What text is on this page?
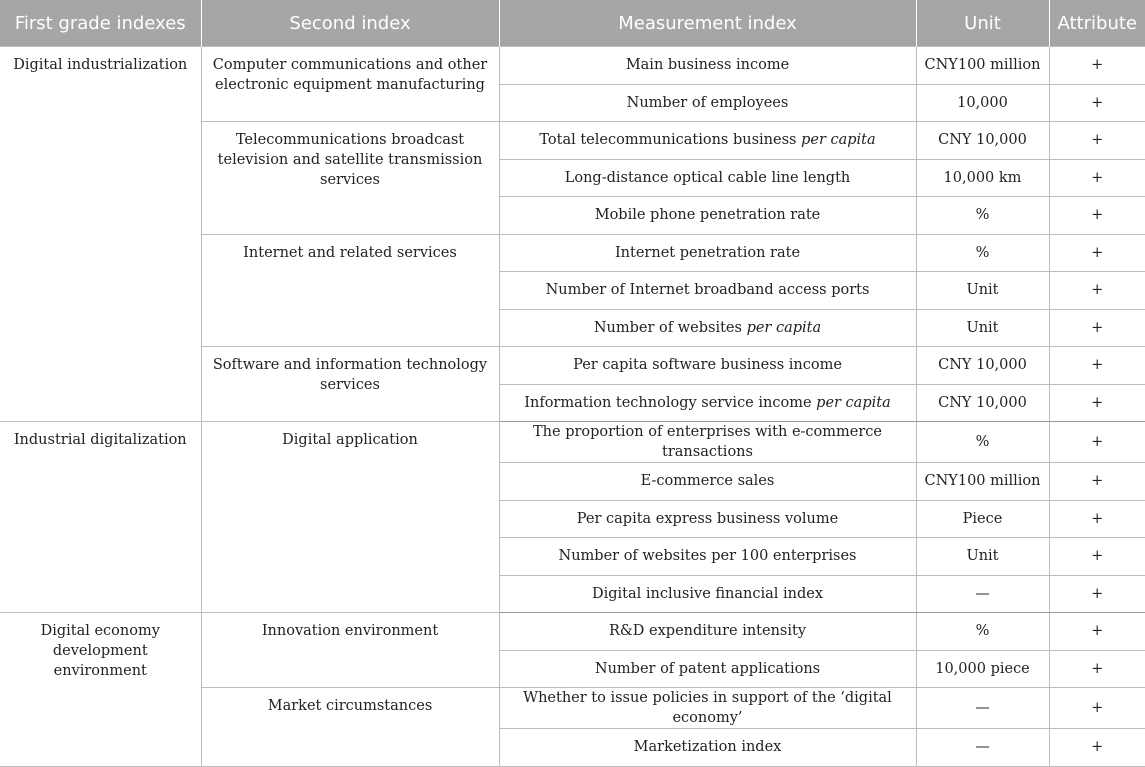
First grade indexes	Second index	Measurement index	Unit	Attribute
Digital industrialization	Computer communications and other electronic equipment manufacturing	Main business income	CNY100 million	+
		Number of employees	10,000	+
	Telecommunications broadcast television and satellite transmission services	Total telecommunications business per capita	CNY 10,000	+
		Long-distance optical cable line length	10,000 km	+
		Mobile phone penetration rate	%	+
	Internet and related services	Internet penetration rate	%	+
		Number of Internet broadband access ports	Unit	+
		Number of websites per capita	Unit	+
	Software and information technology services	Per capita software business income	CNY 10,000	+
		Information technology service income per capita	CNY 10,000	+
Industrial digitalization	Digital application	The proportion of enterprises with e-commerce transactions	%	+
		E-commerce sales	CNY100 million	+
		Per capita express business volume	Piece	+
		Number of websites per 100 enterprises	Unit	+
		Digital inclusive financial index	—	+
Digital economy development environment	Innovation environment	R&D expenditure intensity	%	+
		Number of patent applications	10,000 piece	+
	Market circumstances	Whether to issue policies in support of the ‘digital economy’	—	+
		Marketization index	—	+
